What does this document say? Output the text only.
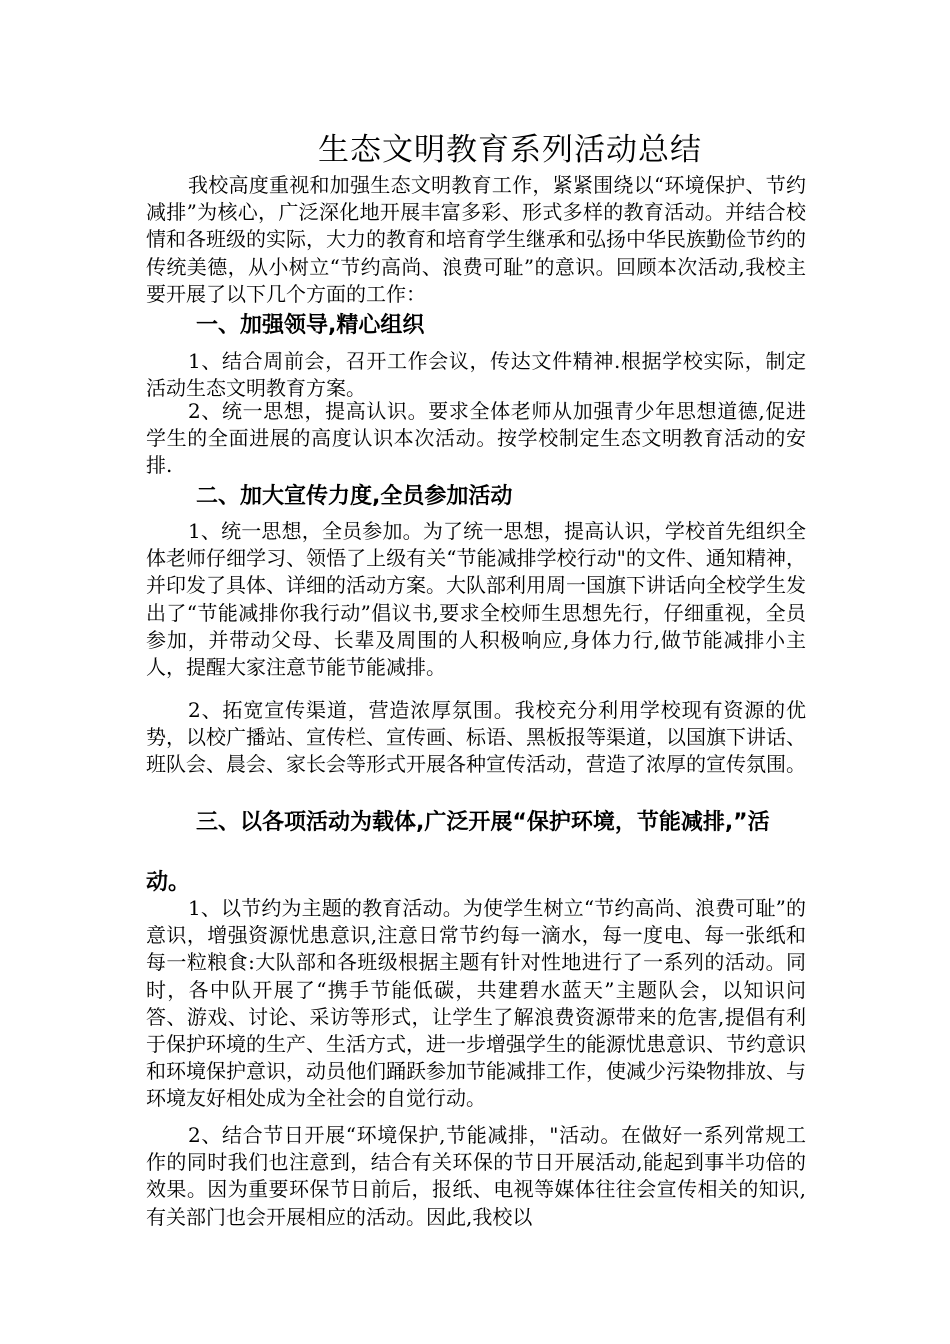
生态文明教育系列活动总结
我校高度重视和加强生态文明教育工作，紧紧围绕以“环境保护、节约减排”为核心，广泛深化地开展丰富多彩、形式多样的教育活动。并结合校情和各班级的实际，大力的教育和培育学生继承和弘扬中华民族勤俭节约的传统美德，从小树立“节约高尚、浪费可耻”的意识。回顾本次活动,我校主要开展了以下几个方面的工作：
一、加强领导,精心组织
1、结合周前会，召开工作会议，传达文件精神.根据学校实际，制定活动生态文明教育方案。
2、统一思想，提高认识。要求全体老师从加强青少年思想道德,促进学生的全面进展的高度认识本次活动。按学校制定生态文明教育活动的安排.
二、加大宣传力度,全员参加活动
1、统一思想，全员参加。为了统一思想，提高认识，学校首先组织全体老师仔细学习、领悟了上级有关“节能减排学校行动"的文件、通知精神，并印发了具体、详细的活动方案。大队部利用周一国旗下讲话向全校学生发出了“节能减排你我行动”倡议书,要求全校师生思想先行，仔细重视，全员参加，并带动父母、长辈及周围的人积极响应,身体力行,做节能减排小主人，提醒大家注意节能节能减排。
2、拓宽宣传渠道，营造浓厚氛围。我校充分利用学校现有资源的优势，以校广播站、宣传栏、宣传画、标语、黑板报等渠道，以国旗下讲话、班队会、晨会、家长会等形式开展各种宣传活动，营造了浓厚的宣传氛围。
三、以各项活动为载体,广泛开展“保护环境，节能减排,”活动。
1、以节约为主题的教育活动。为使学生树立“节约高尚、浪费可耻”的意识，增强资源忧患意识,注意日常节约每一滴水，每一度电、每一张纸和每一粒粮食:大队部和各班级根据主题有针对性地进行了一系列的活动。同时，各中队开展了“携手节能低碳，共建碧水蓝天”主题队会，以知识问答、游戏、讨论、采访等形式，让学生了解浪费资源带来的危害,提倡有利于保护环境的生产、生活方式，进一步增强学生的能源忧患意识、节约意识和环境保护意识，动员他们踊跃参加节能减排工作，使减少污染物排放、与环境友好相处成为全社会的自觉行动。
2、结合节日开展“环境保护,节能减排，"活动。在做好一系列常规工作的同时我们也注意到，结合有关环保的节日开展活动,能起到事半功倍的效果。因为重要环保节日前后，报纸、电视等媒体往往会宣传相关的知识,有关部门也会开展相应的活动。因此,我校以
